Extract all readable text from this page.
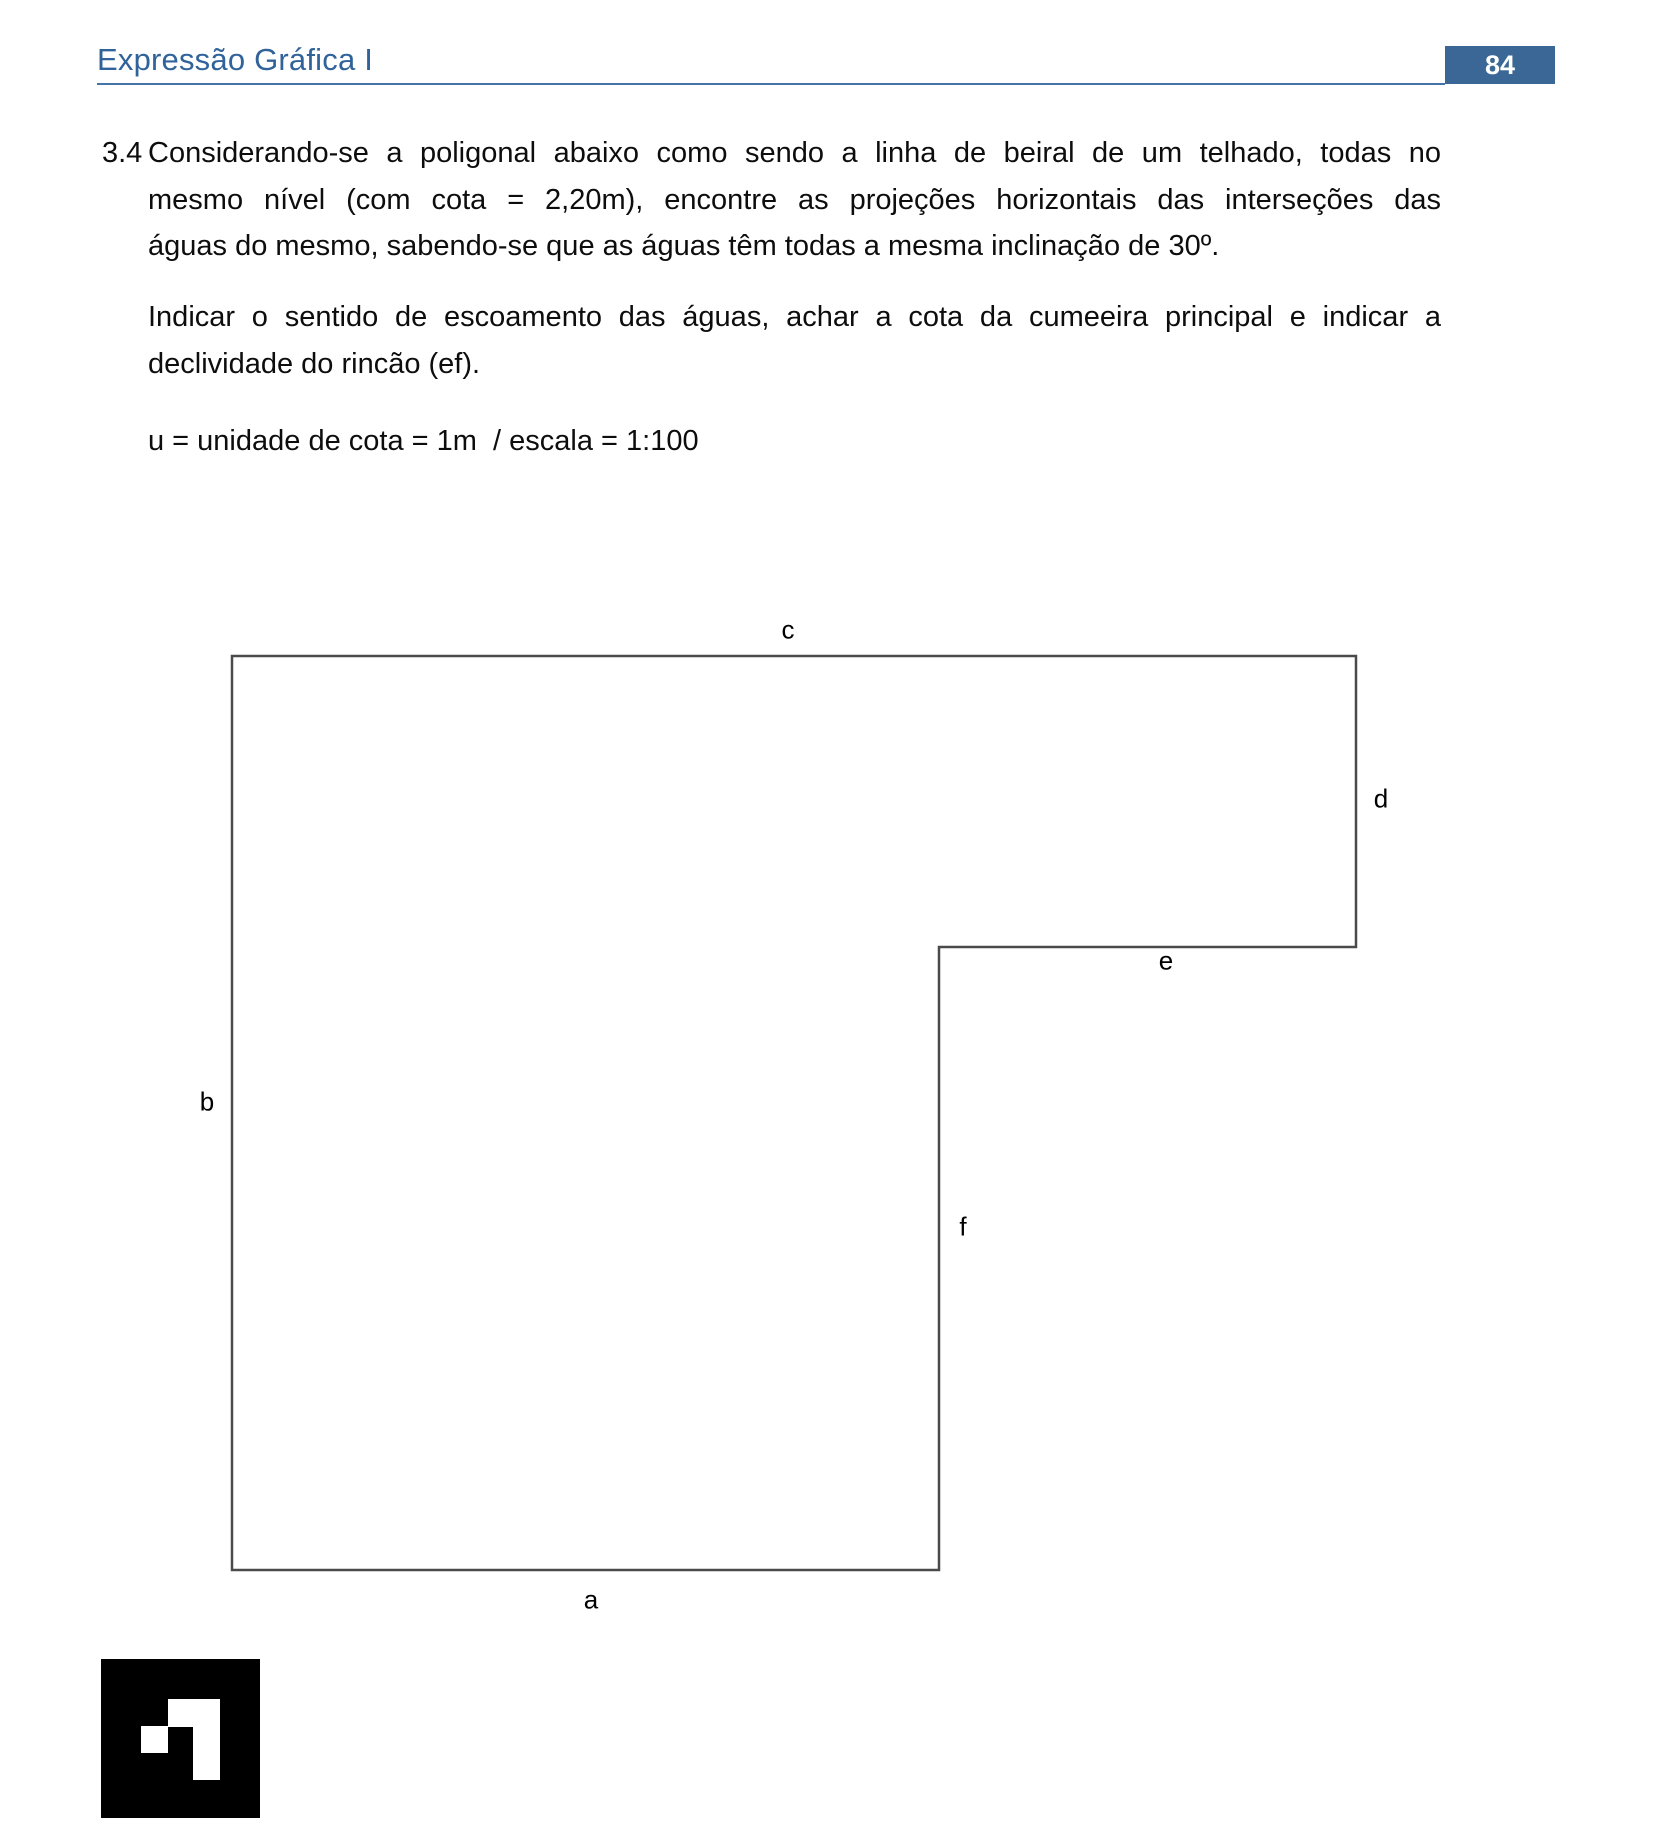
Expressão Gráfica I	84
3.4 Considerando-se a poligonal abaixo como sendo a linha de beiral de um telhado, todas no
mesmo nível (com cota = 2,20m), encontre as projeções horizontais das interseções das
águas do mesmo, sabendo-se que as águas têm todas a mesma inclinação de 30º.
Indicar o sentido de escoamento das águas, achar a cota da cumeeira principal e indicar a
declividade do rincão (ef).
u = unidade de cota = 1m  / escala = 1:100
c
d
e
b
f
a
